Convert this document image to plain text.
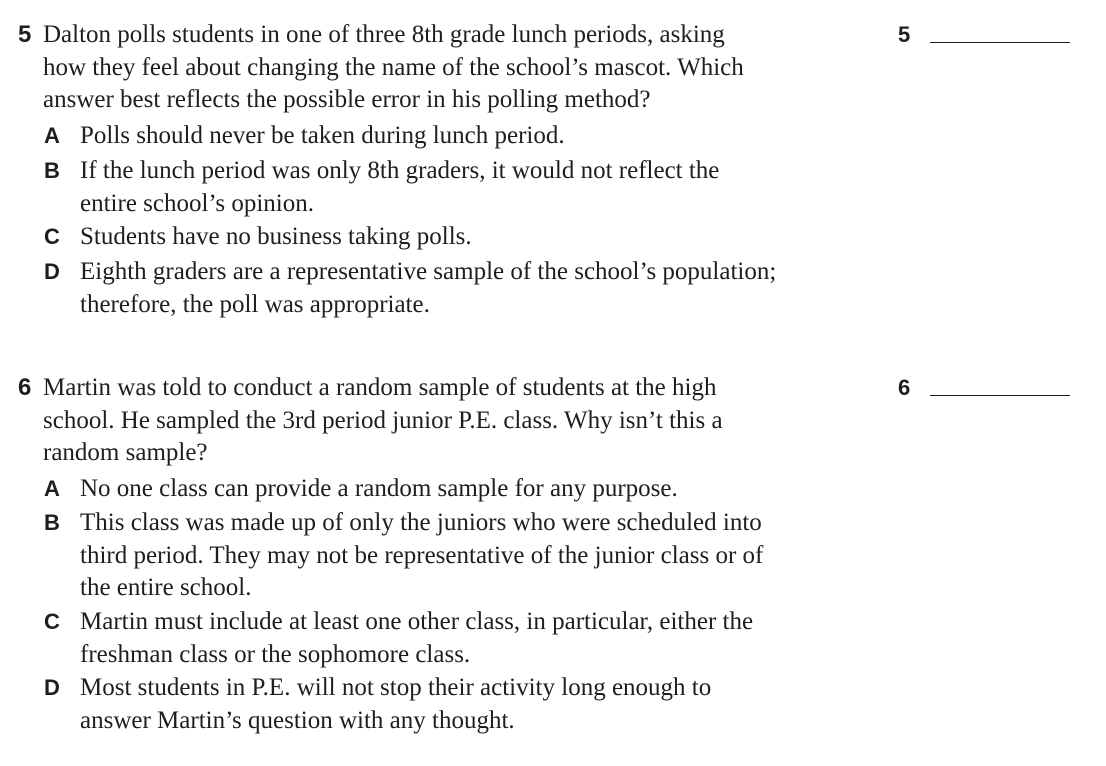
5 Dalton polls students in one of three 8th grade lunch periods, asking
how they feel about changing the name of the school’s mascot. Which
answer best reflects the possible error in his polling method?
5
A Polls should never be taken during lunch period.
B If the lunch period was only 8th graders, it would not reflect the
entire school’s opinion.
C Students have no business taking polls.
D Eighth graders are a representative sample of the school’s population;
therefore, the poll was appropriate.
6 Martin was told to conduct a random sample of students at the high
school. He sampled the 3rd period junior P.E. class. Why isn’t this a
random sample?
6
A No one class can provide a random sample for any purpose.
B This class was made up of only the juniors who were scheduled into
third period. They may not be representative of the junior class or of
the entire school.
C Martin must include at least one other class, in particular, either the
freshman class or the sophomore class.
D Most students in P.E. will not stop their activity long enough to
answer Martin’s question with any thought.
